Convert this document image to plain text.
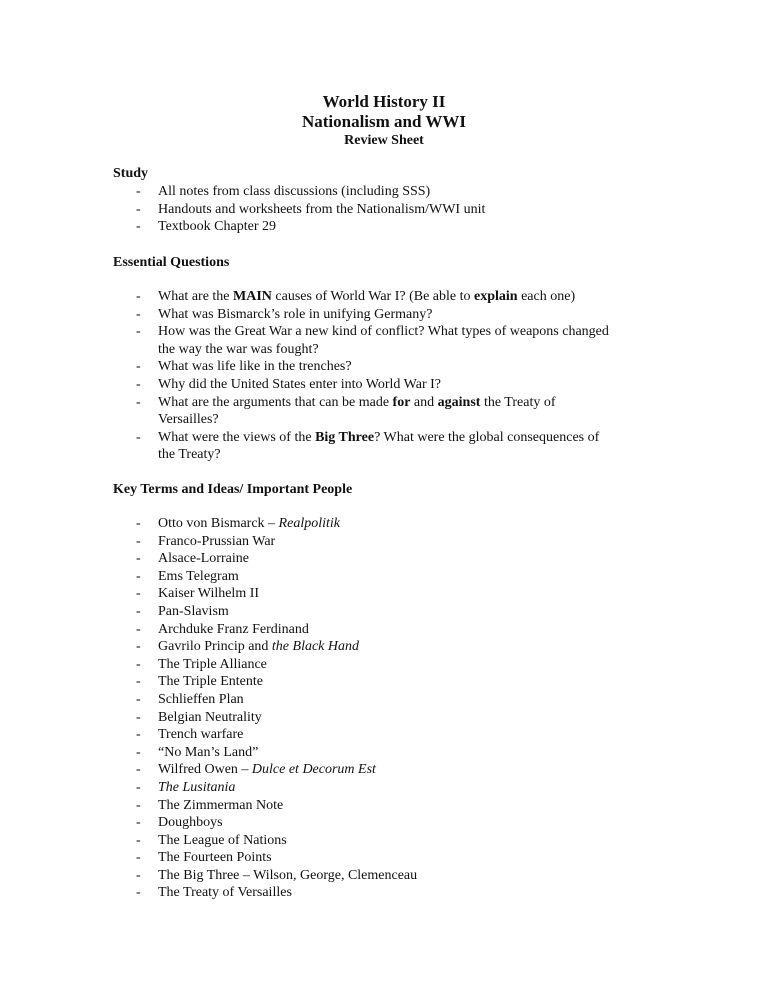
World History II
Nationalism and WWI
Review Sheet
Study
- All notes from class discussions (including SSS)
- Handouts and worksheets from the Nationalism/WWI unit
- Textbook Chapter 29
Essential Questions
- What are the MAIN causes of World War I? (Be able to explain each one)
- What was Bismarck’s role in unifying Germany?
- How was the Great War a new kind of conflict? What types of weapons changed
the way the war was fought?
- What was life like in the trenches?
- Why did the United States enter into World War I?
- What are the arguments that can be made for and against the Treaty of
Versailles?
- What were the views of the Big Three? What were the global consequences of
the Treaty?
Key Terms and Ideas/ Important People
- Otto von Bismarck – Realpolitik
- Franco-Prussian War
- Alsace-Lorraine
- Ems Telegram
- Kaiser Wilhelm II
- Pan-Slavism
- Archduke Franz Ferdinand
- Gavrilo Princip and the Black Hand
- The Triple Alliance
- The Triple Entente
- Schlieffen Plan
- Belgian Neutrality
- Trench warfare
- “No Man’s Land”
- Wilfred Owen – Dulce et Decorum Est
- The Lusitania
- The Zimmerman Note
- Doughboys
- The League of Nations
- The Fourteen Points
- The Big Three – Wilson, George, Clemenceau
- The Treaty of Versailles
